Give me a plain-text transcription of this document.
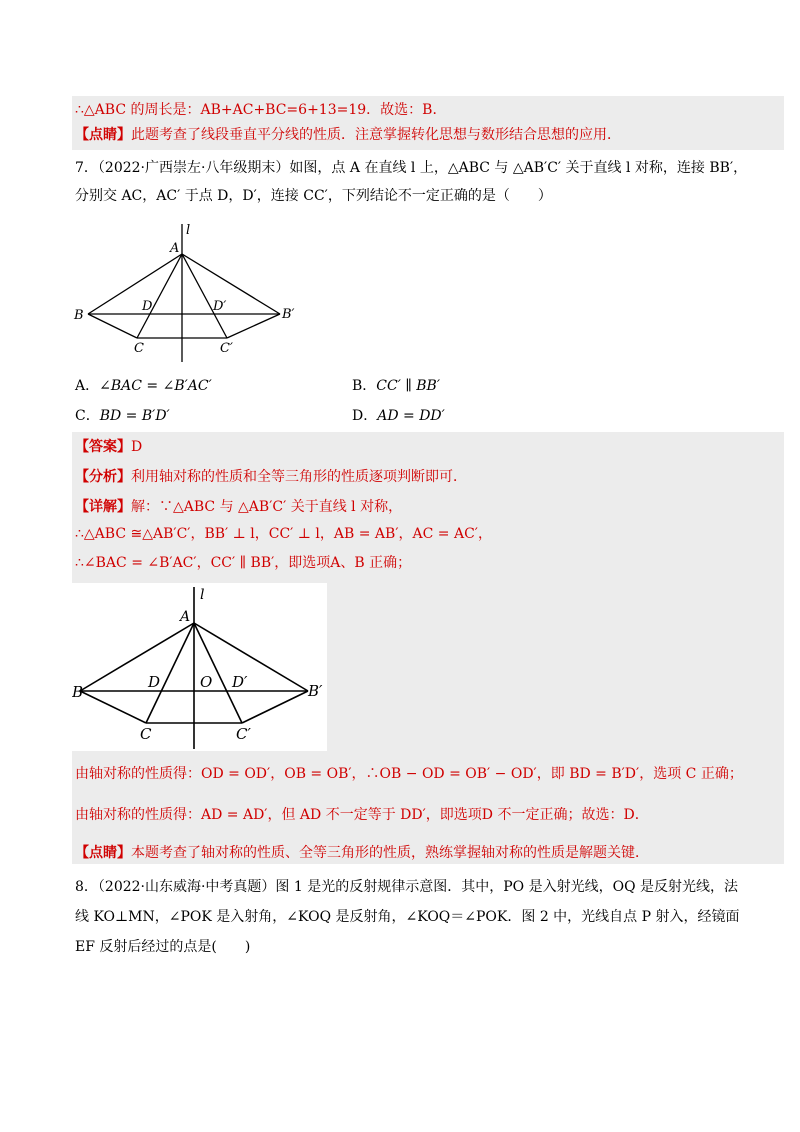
∴△ABC 的周长是：AB+AC+BC=6+13=19．故选：B．
【点睛】此题考查了线段垂直平分线的性质．注意掌握转化思想与数形结合思想的应用．
7．（2022·广西崇左·八年级期末）如图，点 A 在直线 l 上，△ABC 与 △AB′C′ 关于直线 l 对称，连接 BB′，
分别交 AC，AC′ 于点 D，D′，连接 CC′，下列结论不一定正确的是（　　）
l
A
B	B′
D	D′
C	C′
A．∠BAC = ∠B′AC′	B．CC′ ∥ BB′
C．BD = B′D′	D．AD = DD′
【答案】D
【分析】利用轴对称的性质和全等三角形的性质逐项判断即可．
【详解】解：∵△ABC 与 △AB′C′ 关于直线 l 对称，
∴△ABC ≅△AB′C′，BB′ ⊥ l，CC′ ⊥ l，AB = AB′，AC = AC′，
∴∠BAC = ∠B′AC′，CC′ ∥ BB′，即选项A、B 正确；
l
A
B	B′
D	O D′
C	C′
由轴对称的性质得：OD = OD′，OB = OB′，∴OB − OD = OB′ − OD′，即 BD = B′D′，选项 C 正确；
由轴对称的性质得：AD = AD′，但 AD 不一定等于 DD′，即选项D 不一定正确；故选：D．
【点睛】本题考查了轴对称的性质、全等三角形的性质，熟练掌握轴对称的性质是解题关键．
8．（2022·山东威海·中考真题）图 1 是光的反射规律示意图．其中，PO 是入射光线，OQ 是反射光线，法
线 KO⊥MN，∠POK 是入射角，∠KOQ 是反射角，∠KOQ＝∠POK．图 2 中，光线自点 P 射入，经镜面
EF 反射后经过的点是(　　)
